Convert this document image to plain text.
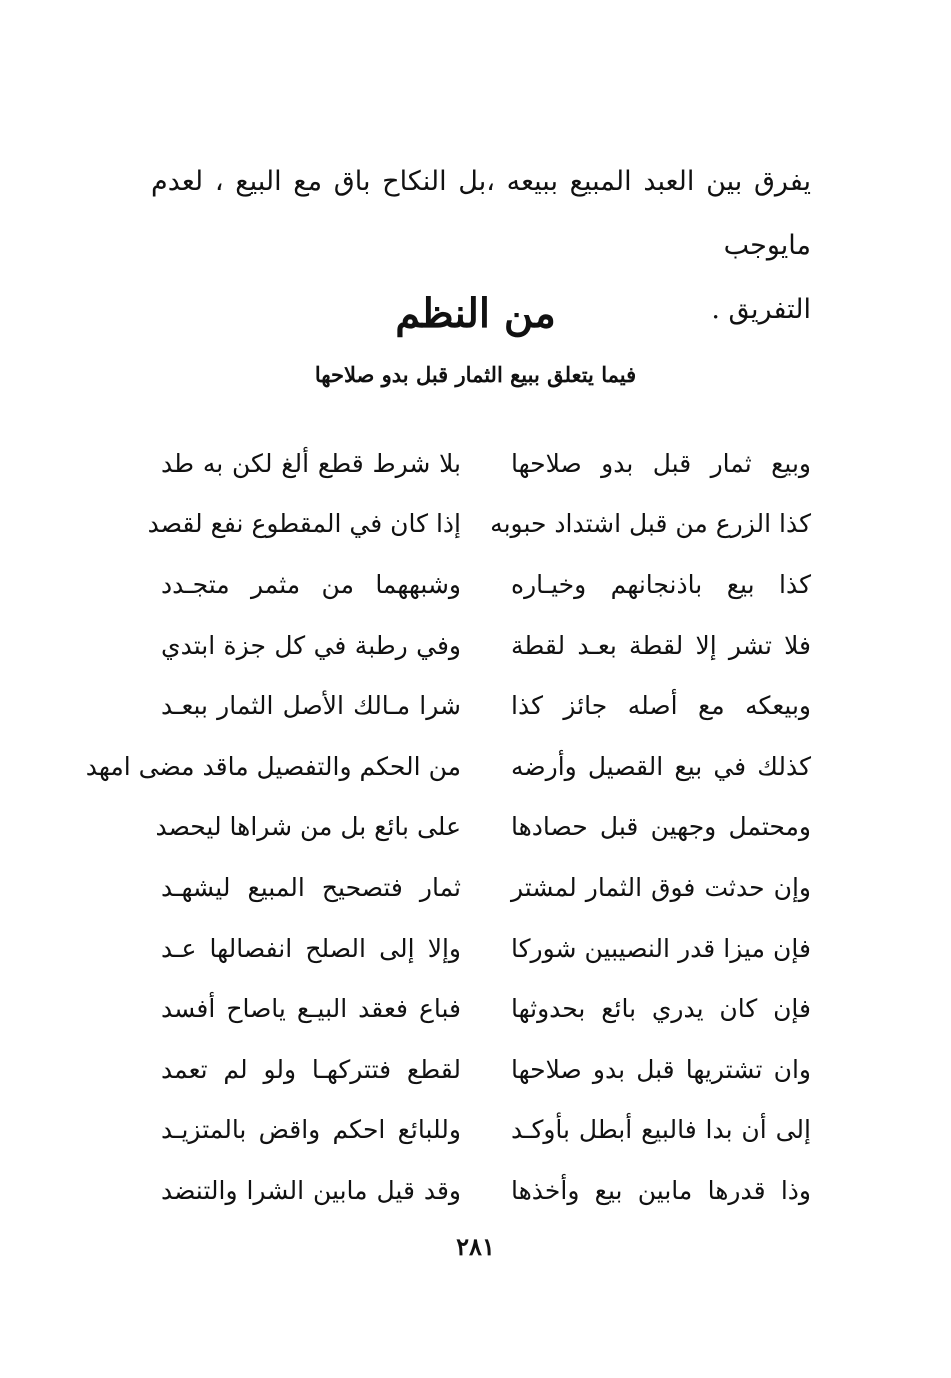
يفرق بين العبد المبيع ببيعه ،بل النكاح باق مع البيع ، لعدم مايوجب

التفريق .

من النظم
فيما يتعلق ببيع الثمار قبل بدو صلاحها
وبيع ثمار قبل بدو صلاحها
بلا شرط قطع ألغ لكن به طد
كذا الزرع من قبل اشتداد حبوبه
إذا كان في المقطوع نفع لقصد
كذا بيع باذنجانهم وخيـاره
وشبههما من مثمر متجـدد
فلا تشر إلا لقطة بعـد لقطة
وفي رطبة في كل جزة ابتدي
وبيعكه مع أصله جائز كذا
شرا مـالك الأصل الثمار ببعـد
كذلك في بيع القصيل وأرضه
من الحكم والتفصيل ماقد مضى امهد
ومحتمل وجهين قبل حصادها
على بائع بل من شراها ليحصد
وإن حدثت فوق الثمار لمشتر
ثمار فتصحيح المبيع ليشهـد
فإن ميزا قدر النصيبين شوركا
وإلا إلى الصلح انفصالها عـد
فإن كان يدري بائع بحدوثها
فباع فعقد البيـع ياصاح أفسد
وان تشتريها قبل بدو صلاحها
لقطع فتتركهـا ولو لم تعمد
إلى أن بدا فالبيع أبطل بأوكـد
وللبائع احكم واقض بالمتزيـد
وذا قدرها مابين بيع وأخذها
وقد قيل مابين الشرا والتنضد
٢٨١
